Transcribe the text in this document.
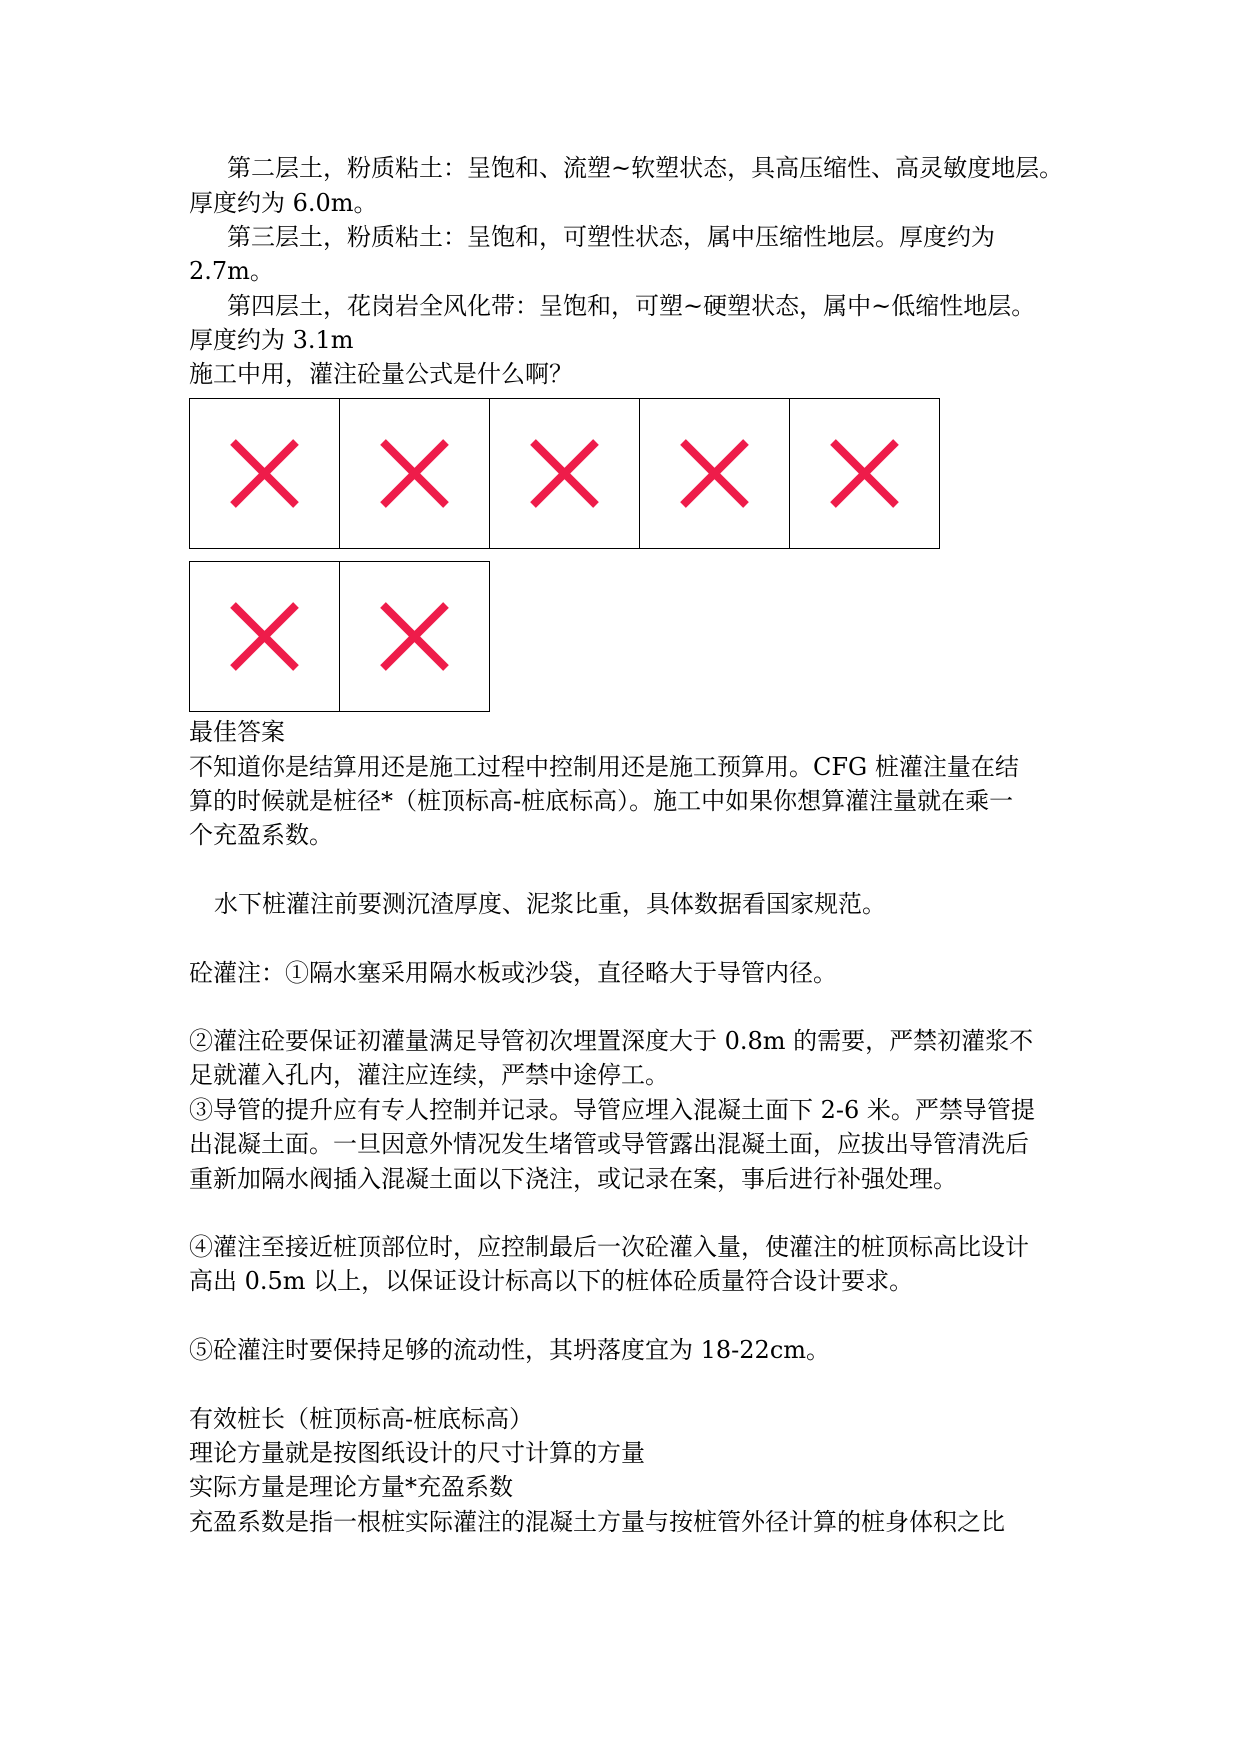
第二层土，粉质粘土：呈饱和、流塑~软塑状态，具高压缩性、高灵敏度地层。
厚度约为 6.0m。
第三层土，粉质粘土：呈饱和，可塑性状态，属中压缩性地层。厚度约为
2.7m。
第四层土，花岗岩全风化带：呈饱和，可塑~硬塑状态，属中~低缩性地层。
厚度约为 3.1m
施工中用，灌注砼量公式是什么啊？
最佳答案
不知道你是结算用还是施工过程中控制用还是施工预算用。CFG 桩灌注量在结
算的时候就是桩径*（桩顶标高-桩底标高）。施工中如果你想算灌注量就在乘一
个充盈系数。
水下桩灌注前要测沉渣厚度、泥浆比重，具体数据看国家规范。
砼灌注：①隔水塞采用隔水板或沙袋，直径略大于导管内径。
②灌注砼要保证初灌量满足导管初次埋置深度大于 0.8m 的需要，严禁初灌浆不
足就灌入孔内，灌注应连续，严禁中途停工。
③导管的提升应有专人控制并记录。导管应埋入混凝土面下 2-6 米。严禁导管提
出混凝土面。一旦因意外情况发生堵管或导管露出混凝土面，应拔出导管清洗后
重新加隔水阀插入混凝土面以下浇注，或记录在案，事后进行补强处理。
④灌注至接近桩顶部位时，应控制最后一次砼灌入量，使灌注的桩顶标高比设计
高出 0.5m 以上，以保证设计标高以下的桩体砼质量符合设计要求。
⑤砼灌注时要保持足够的流动性，其坍落度宜为 18-22cm。
有效桩长（桩顶标高-桩底标高）
理论方量就是按图纸设计的尺寸计算的方量
实际方量是理论方量*充盈系数
充盈系数是指一根桩实际灌注的混凝土方量与按桩管外径计算的桩身体积之比
